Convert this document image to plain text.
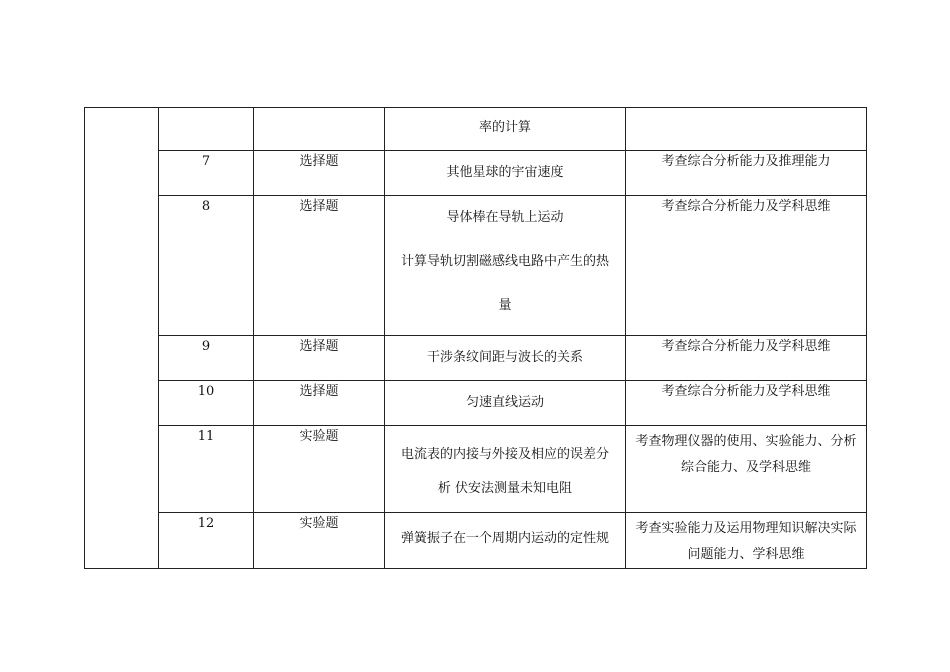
			率的计算	

	7	选择题	其他星球的宇宙速度	考查综合分析能力及推理能力
	8	选择题	导体棒在导轨上运动
计算导轨切割磁感线电路中产生的热
量	考查综合分析能力及学科思维
	9	选择题	干涉条纹间距与波长的关系	考查综合分析能力及学科思维
	10	选择题	匀速直线运动	考查综合分析能力及学科思维
	11	实验题	电流表的内接与外接及相应的误差分
析 伏安法测量未知电阻	考查物理仪器的使用、实验能力、分析综合能力、及学科思维
	12	实验题	弹簧振子在一个周期内运动的定性规	考查实验能力及运用物理知识解决实际问题能力、学科思维
